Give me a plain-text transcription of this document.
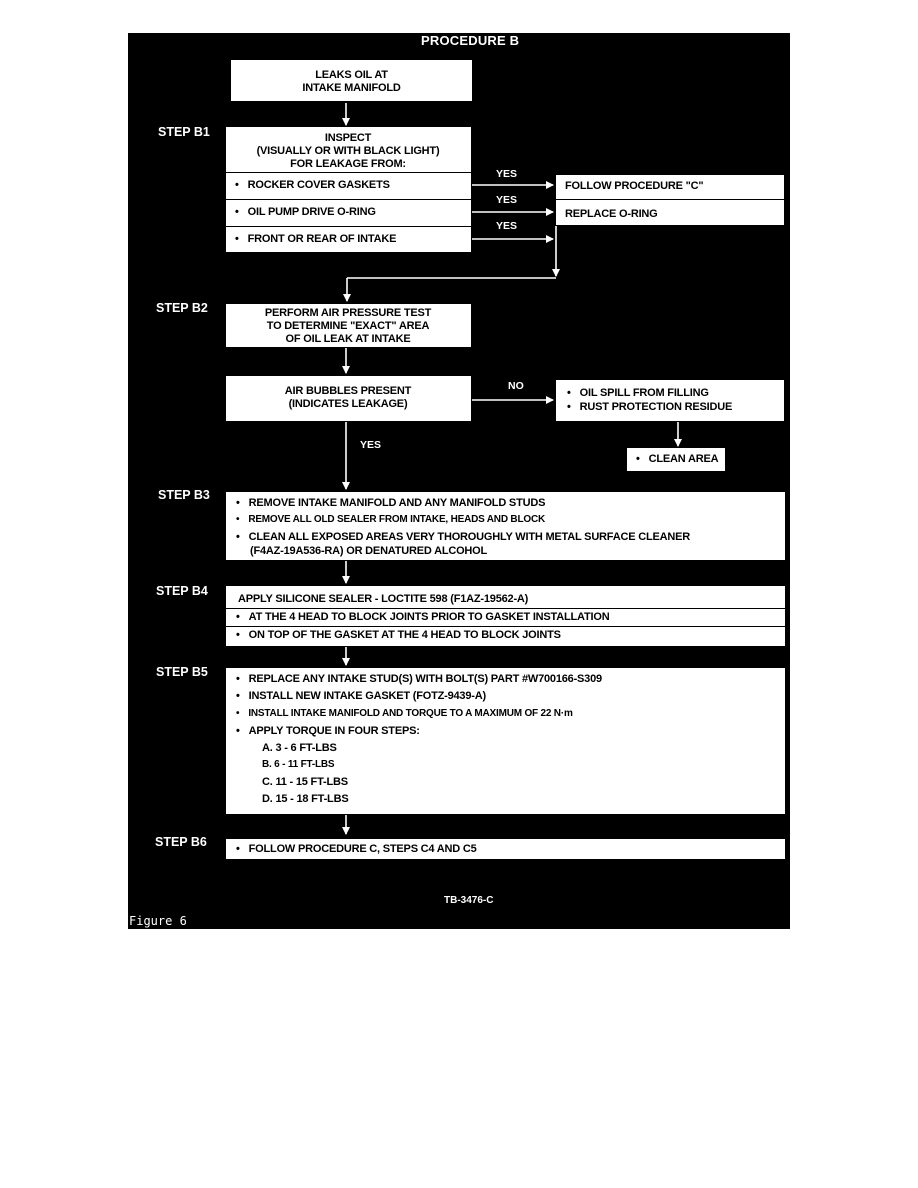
PROCEDURE B
LEAKS OIL AT
INTAKE MANIFOLD
STEP B1	INSPECT
(VISUALLY OR WITH BLACK LIGHT)
FOR LEAKAGE FROM:
• ROCKER COVER GASKETS
• OIL PUMP DRIVE O-RING
• FRONT OR REAR OF INTAKE
YES
YES
YES
FOLLOW PROCEDURE "C"
REPLACE O-RING
STEP B2	PERFORM AIR PRESSURE TEST
TO DETERMINE "EXACT" AREA
OF OIL LEAK AT INTAKE
AIR BUBBLES PRESENT
(INDICATES LEAKAGE)
NO
YES
• OIL SPILL FROM FILLING
• RUST PROTECTION RESIDUE
• CLEAN AREA
STEP B3
• REMOVE INTAKE MANIFOLD AND ANY MANIFOLD STUDS
• REMOVE ALL OLD SEALER FROM INTAKE, HEADS AND BLOCK
• CLEAN ALL EXPOSED AREAS VERY THOROUGHLY WITH METAL SURFACE CLEANER
(F4AZ-19A536-RA) OR DENATURED ALCOHOL
STEP B4
APPLY SILICONE SEALER - LOCTITE 598 (F1AZ-19562-A)
• AT THE 4 HEAD TO BLOCK JOINTS PRIOR TO GASKET INSTALLATION
• ON TOP OF THE GASKET AT THE 4 HEAD TO BLOCK JOINTS
STEP B5	• REPLACE ANY INTAKE STUD(S) WITH BOLT(S) PART #W700166-S309
• INSTALL NEW INTAKE GASKET (FOTZ-9439-A)
• INSTALL INTAKE MANIFOLD AND TORQUE TO A MAXIMUM OF 22 N·m
• APPLY TORQUE IN FOUR STEPS:
A. 3 - 6 FT-LBS
B. 6 - 11 FT-LBS
C. 11 - 15 FT-LBS
D. 15 - 18 FT-LBS
STEP B6	• FOLLOW PROCEDURE C, STEPS C4 AND C5
TB-3476-C
Figure 6
